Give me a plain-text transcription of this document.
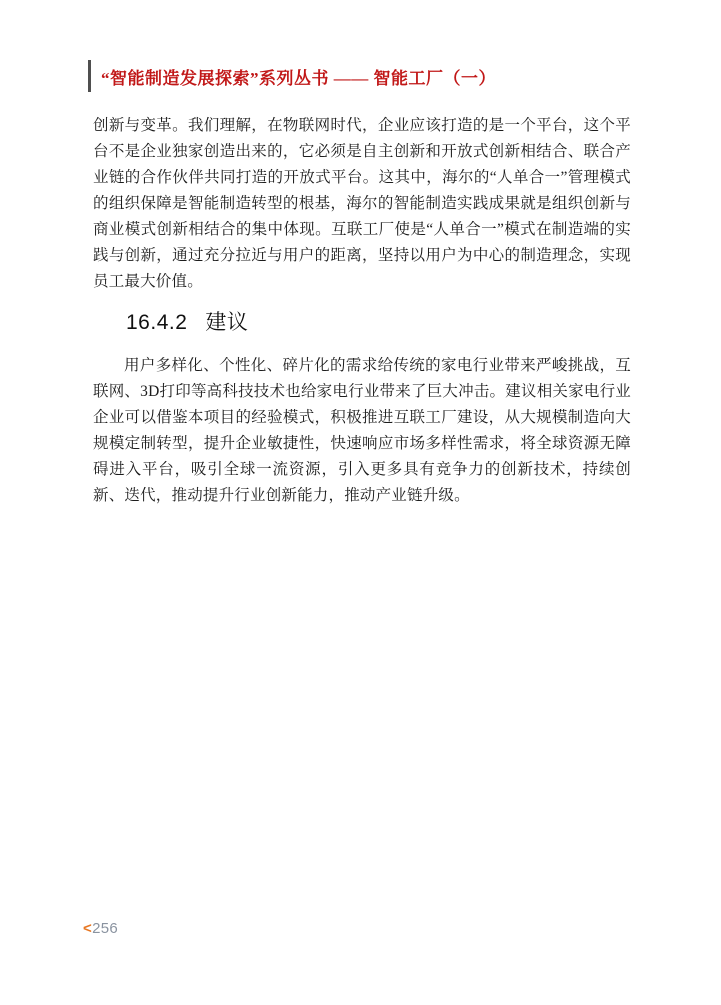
“智能制造发展探索”系列丛书 —— 智能工厂（一）

创新与变革。我们理解，在物联网时代，企业应该打造的是一个平台，这个平台不是企业独家创造出来的，它必须是自主创新和开放式创新相结合、联合产业链的合作伙伴共同打造的开放式平台。这其中，海尔的“人单合一”管理模式的组织保障是智能制造转型的根基，海尔的智能制造实践成果就是组织创新与商业模式创新相结合的集中体现。互联工厂使是“人单合一”模式在制造端的实践与创新，通过充分拉近与用户的距离，坚持以用户为中心的制造理念，实现员工最大价值。

16.4.2 建议

用户多样化、个性化、碎片化的需求给传统的家电行业带来严峻挑战，互联网、3D打印等高科技技术也给家电行业带来了巨大冲击。建议相关家电行业企业可以借鉴本项目的经验模式，积极推进互联工厂建设，从大规模制造向大规模定制转型，提升企业敏捷性，快速响应市场多样性需求，将全球资源无障碍进入平台，吸引全球一流资源，引入更多具有竞争力的创新技术，持续创新、迭代，推动提升行业创新能力，推动产业链升级。

<256
